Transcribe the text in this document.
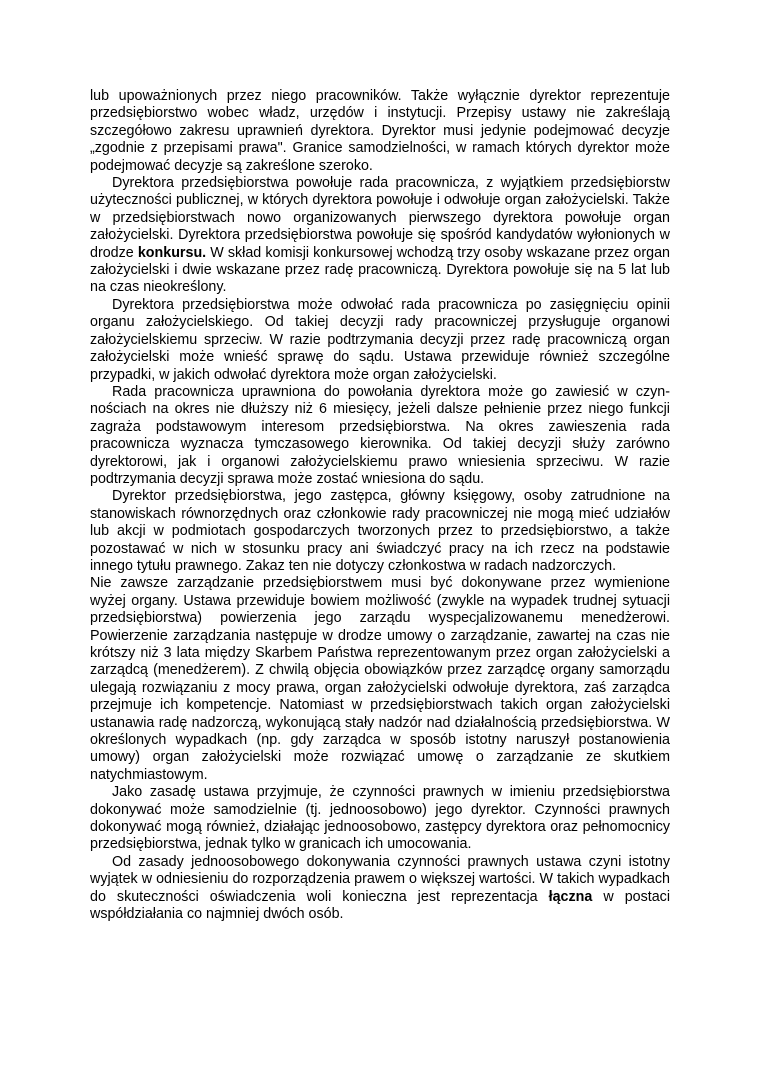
lub upoważnionych przez niego pracowników. Także wyłącznie dyrektor reprezentuje przedsiębiorstwo wobec władz, urzędów i instytucji. Przepisy ustawy nie zakreślają szczegółowo zakresu uprawnień dyrektora. Dyrektor musi jedynie podejmować decyzje „zgodnie z przepisami prawa". Granice samodzielności, w ramach których dyrektor może podejmować decyzje są zakreślone szeroko.

Dyrektora przedsiębiorstwa powołuje rada pracownicza, z wyjątkiem przedsiębiorstw użyteczności publicznej, w których dyrektora powołuje i odwołuje organ założycielski. Także w przedsiębiorstwach nowo organizowanych pierwszego dyrektora powołuje organ założycielski. Dyrektora przedsiębiorstwa powołuje się spośród kandydatów wyłonionych w drodze konkursu. W skład komisji konkursowej wchodzą trzy osoby wskazane przez organ założycielski i dwie wskazane przez radę pracowniczą. Dyrektora powołuje się na 5 lat lub na czas nieokreślony.

Dyrektora przedsiębiorstwa może odwołać rada pracownicza po zasięgnięciu opinii organu założycielskiego. Od takiej decyzji rady pracowniczej przysługuje organowi założycielskiemu sprzeciw. W razie podtrzymania decyzji przez radę pracowniczą organ założycielski może wnieść sprawę do sądu. Ustawa przewiduje również szczególne przypadki, w jakich odwołać dyrektora może organ założycielski.

Rada pracownicza uprawniona do powołania dyrektora może go zawiesić w czynnościach na okres nie dłuższy niż 6 miesięcy, jeżeli dalsze pełnienie przez niego funkcji zagraża podstawowym interesom przedsiębiorstwa. Na okres zawieszenia rada pracownicza wyznacza tymczasowego kierownika. Od takiej decyzji służy zarówno dyrektorowi, jak i organowi założycielskiemu prawo wniesienia sprzeciwu. W razie podtrzymania decyzji sprawa może zostać wniesiona do sądu.

Dyrektor przedsiębiorstwa, jego zastępca, główny księgowy, osoby zatrudnione na stanowiskach równorzędnych oraz członkowie rady pracowniczej nie mogą mieć udziałów lub akcji w podmiotach gospodarczych tworzonych przez to przedsiębiorstwo, a także pozostawać w nich w stosunku pracy ani świadczyć pracy na ich rzecz na podstawie innego tytułu prawnego. Zakaz ten nie dotyczy członkostwa w radach nadzorczych.

Nie zawsze zarządzanie przedsiębiorstwem musi być dokonywane przez wymienione wyżej organy. Ustawa przewiduje bowiem możliwość (zwykle na wypadek trudnej sytuacji przedsiębiorstwa) powierzenia jego zarządu wyspecjalizowanemu menedżerowi. Powierzenie zarządzania następuje w drodze umowy o zarządzanie, zawartej na czas nie krótszy niż 3 lata między Skarbem Państwa reprezentowanym przez organ założycielski a zarządcą (menedżerem). Z chwilą objęcia obowiązków przez zarządcę organy samorządu ulegają rozwiązaniu z mocy prawa, organ założycielski odwołuje dyrektora, zaś zarządca przejmuje ich kompetencje. Natomiast w przedsiębiorstwach takich organ założycielski ustanawia radę nadzorczą, wykonującą stały nadzór nad działalnością przedsiębiorstwa. W określonych wypadkach (np. gdy zarządca w sposób istotny naruszył postanowienia umowy) organ założycielski może rozwiązać umowę o zarządzanie ze skutkiem natychmiastowym.

Jako zasadę ustawa przyjmuje, że czynności prawnych w imieniu przedsiębiorstwa dokonywać może samodzielnie (tj. jednoosobowo) jego dyrektor. Czynności prawnych dokonywać mogą również, działając jednoosobowo, zastępcy dyrektora oraz pełnomocnicy przedsiębiorstwa, jednak tylko w granicach ich umocowania.

Od zasady jednoosobowego dokonywania czynności prawnych ustawa czyni istotny wyjątek w odniesieniu do rozporządzenia prawem o większej wartości. W takich wypadkach do skuteczności oświadczenia woli konieczna jest reprezentacja łączna w postaci współdziałania co najmniej dwóch osób.
